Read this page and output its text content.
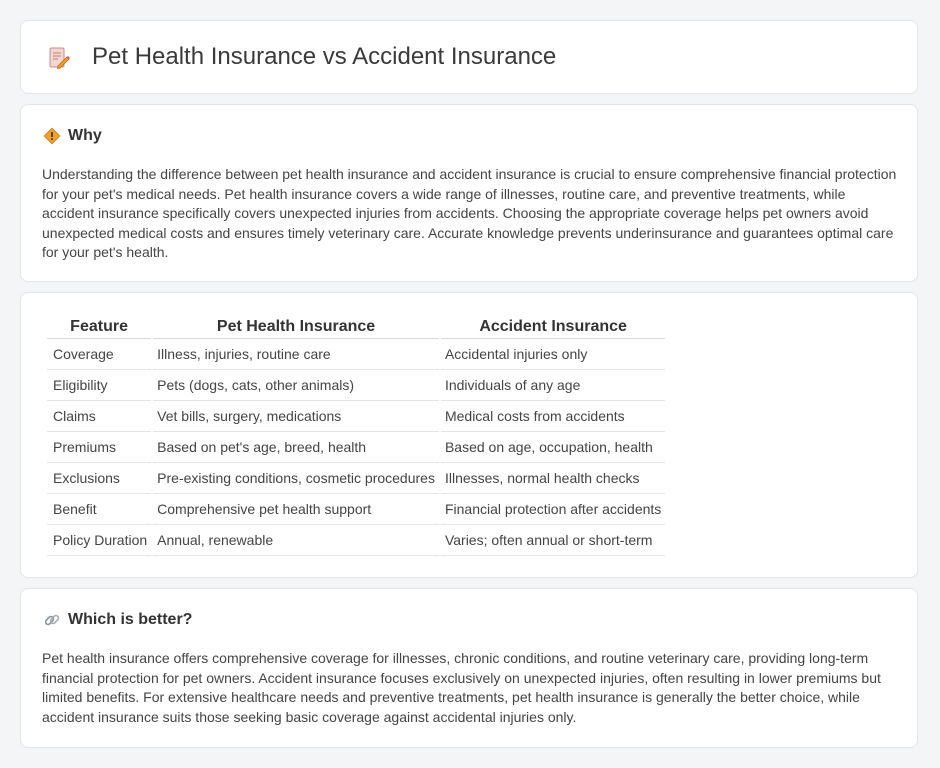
Pet Health Insurance vs Accident Insurance
Why

Understanding the difference between pet health insurance and accident insurance is crucial to ensure comprehensive financial protection for your pet's medical needs. Pet health insurance covers a wide range of illnesses, routine care, and preventive treatments, while accident insurance specifically covers unexpected injuries from accidents. Choosing the appropriate coverage helps pet owners avoid unexpected medical costs and ensures timely veterinary care. Accurate knowledge prevents underinsurance and guarantees optimal care for your pet's health.

Feature	Pet Health Insurance	Accident Insurance
Coverage	Illness, injuries, routine care	Accidental injuries only
Eligibility	Pets (dogs, cats, other animals)	Individuals of any age
Claims	Vet bills, surgery, medications	Medical costs from accidents
Premiums	Based on pet's age, breed, health	Based on age, occupation, health
Exclusions	Pre-existing conditions, cosmetic procedures	Illnesses, normal health checks
Benefit	Comprehensive pet health support	Financial protection after accidents
Policy Duration	Annual, renewable	Varies; often annual or short-term
Which is better?

Pet health insurance offers comprehensive coverage for illnesses, chronic conditions, and routine veterinary care, providing long-term financial protection for pet owners. Accident insurance focuses exclusively on unexpected injuries, often resulting in lower premiums but limited benefits. For extensive healthcare needs and preventive treatments, pet health insurance is generally the better choice, while accident insurance suits those seeking basic coverage against accidental injuries only.
